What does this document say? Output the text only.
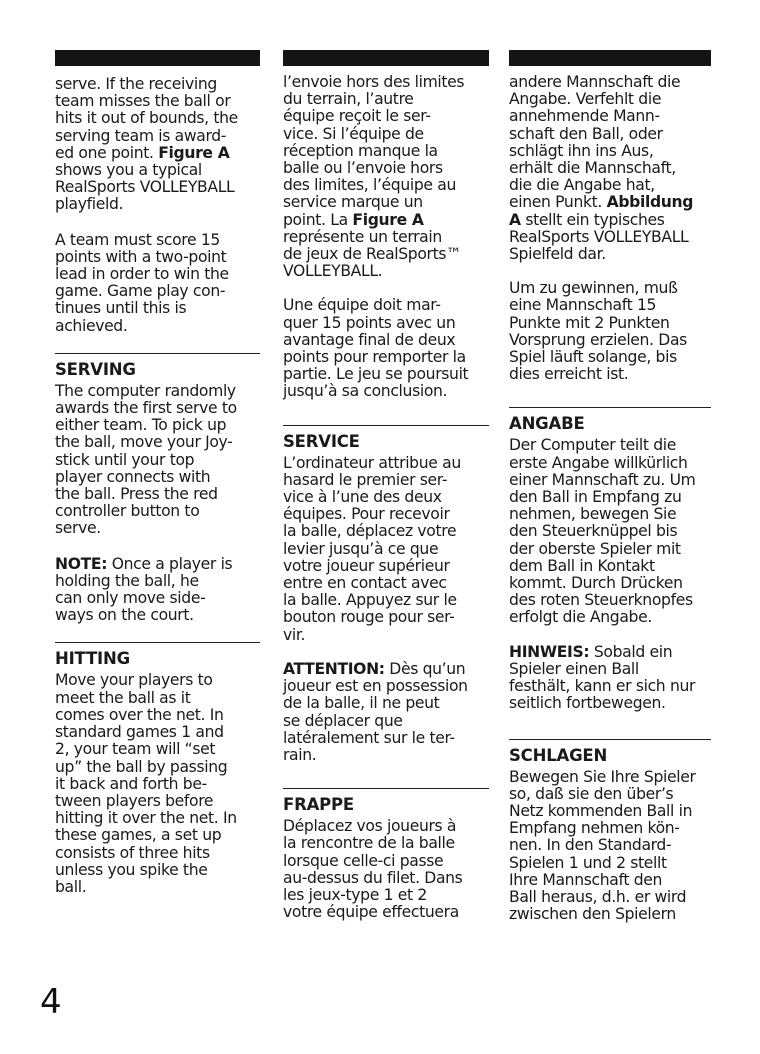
serve. If the receiving
team misses the ball or
hits it out of bounds, the
serving team is award-
ed one point. Figure A
shows you a typical
RealSports VOLLEYBALL
playfield.

A team must score 15
points with a two-point
lead in order to win the
game. Game play con-
tinues until this is
achieved.

SERVING

The computer randomly
awards the first serve to
either team. To pick up
the ball, move your Joy-
stick until your top
player connects with
the ball. Press the red
controller button to
serve.

NOTE: Once a player is
holding the ball, he
can only move side-
ways on the court.

HITTING

Move your players to
meet the ball as it
comes over the net. In
standard games 1 and
2, your team will “set
up” the ball by passing
it back and forth be-
tween players before
hitting it over the net. In
these games, a set up
consists of three hits
unless you spike the
ball.

l’envoie hors des limites
du terrain, l’autre
équipe reçoit le ser-
vice. Si l’équipe de
réception manque la
balle ou l’envoie hors
des limites, l’équipe au
service marque un
point. La Figure A
représente un terrain
de jeux de RealSports™
VOLLEYBALL.

Une équipe doit mar-
quer 15 points avec un
avantage final de deux
points pour remporter la
partie. Le jeu se poursuit
jusqu’à sa conclusion.

SERVICE

L’ordinateur attribue au
hasard le premier ser-
vice à l’une des deux
équipes. Pour recevoir
la balle, déplacez votre
levier jusqu’à ce que
votre joueur supérieur
entre en contact avec
la balle. Appuyez sur le
bouton rouge pour ser-
vir.

ATTENTION: Dès qu’un
joueur est en possession
de la balle, il ne peut
se déplacer que
latéralement sur le ter-
rain.

FRAPPE

Déplacez vos joueurs à
la rencontre de la balle
lorsque celle-ci passe
au-dessus du filet. Dans
les jeux-type 1 et 2
votre équipe effectuera

andere Mannschaft die
Angabe. Verfehlt die
annehmende Mann-
schaft den Ball, oder
schlägt ihn ins Aus,
erhält die Mannschaft,
die die Angabe hat,
einen Punkt. Abbildung
A stellt ein typisches
RealSports VOLLEYBALL
Spielfeld dar.

Um zu gewinnen, muß
eine Mannschaft 15
Punkte mit 2 Punkten
Vorsprung erzielen. Das
Spiel läuft solange, bis
dies erreicht ist.

ANGABE

Der Computer teilt die
erste Angabe willkürlich
einer Mannschaft zu. Um
den Ball in Empfang zu
nehmen, bewegen Sie
den Steuerknüppel bis
der oberste Spieler mit
dem Ball in Kontakt
kommt. Durch Drücken
des roten Steuerknopfes
erfolgt die Angabe.

HINWEIS: Sobald ein
Spieler einen Ball
festhält, kann er sich nur
seitlich fortbewegen.

SCHLAGEN

Bewegen Sie Ihre Spieler
so, daß sie den über’s
Netz kommenden Ball in
Empfang nehmen kön-
nen. In den Standard-
Spielen 1 und 2 stellt
Ihre Mannschaft den
Ball heraus, d.h. er wird
zwischen den Spielern

4
